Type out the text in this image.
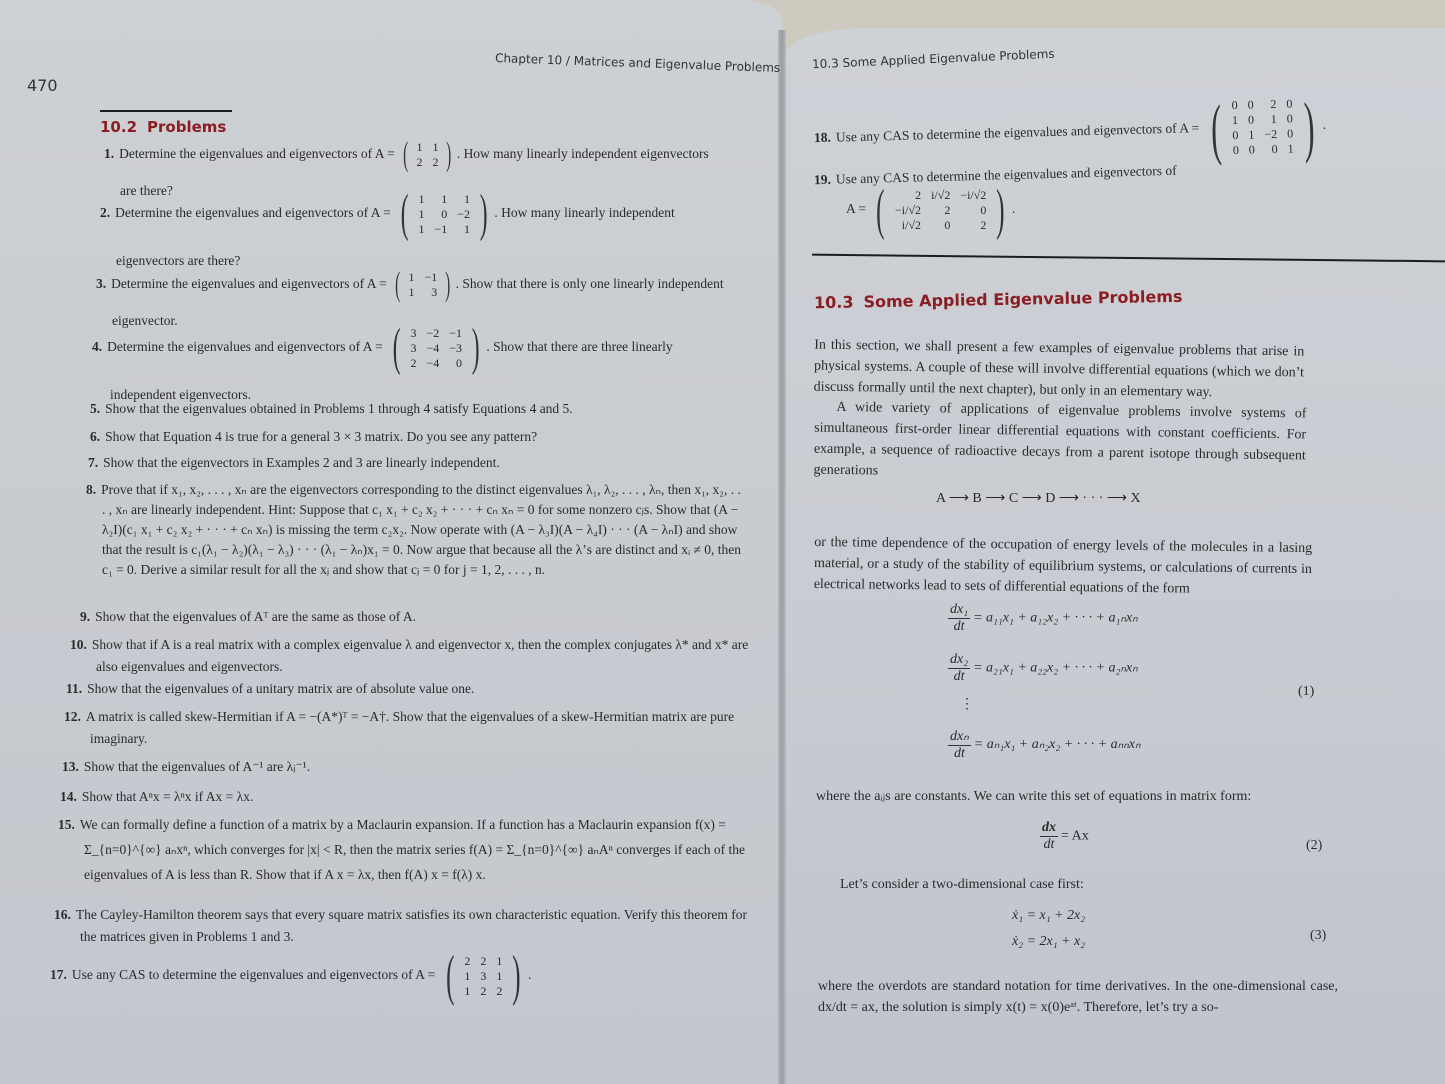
470
Chapter 10 / Matrices and Eigenvalue Problems
10.2 Problems
1. Determine the eigenvalues and eigenvectors of A = ( 1	1
2	2 ) . How many linearly independent eigenvectors
are there?
2. Determine the eigenvalues and eigenvectors of A = ( 1	1	1
1	0	−2
1	−1	1 ) . How many linearly independent
eigenvectors are there?
3. Determine the eigenvalues and eigenvectors of A = ( 1	−1
1	3 ) . Show that there is only one linearly independent
eigenvector.
4. Determine the eigenvalues and eigenvectors of A = ( 3	−2	−1
3	−4	−3
2	−4	0 ) . Show that there are three linearly
independent eigenvectors.
5. Show that the eigenvalues obtained in Problems 1 through 4 satisfy Equations 4 and 5.
6. Show that Equation 4 is true for a general 3 × 3 matrix. Do you see any pattern?
7. Show that the eigenvectors in Examples 2 and 3 are linearly independent.
8. Prove that if x₁, x₂, . . . , xₙ are the eigenvectors corresponding to the distinct eigenvalues λ₁, λ₂, . . . , λₙ, then x₁, x₂, . . . , xₙ are linearly independent. Hint: Suppose that c₁ x₁ + c₂ x₂ + · · · + cₙ xₙ = 0 for some nonzero cⱼs. Show that (A − λ₂I)(c₁ x₁ + c₂ x₂ + · · · + cₙ xₙ) is missing the term c₂x₂. Now operate with (A − λ₃I)(A − λ₄I) · · · (A − λₙI) and show that the result is c₁(λ₁ − λ₂)(λ₁ − λ₃) · · · (λ₁ − λₙ)x₁ = 0. Now argue that because all the λ’s are distinct and xᵢ ≠ 0, then c₁ = 0. Derive a similar result for all the xⱼ and show that cⱼ = 0 for j = 1, 2, . . . , n.
9. Show that the eigenvalues of Aᵀ are the same as those of A.
10. Show that if A is a real matrix with a complex eigenvalue λ and eigenvector x, then the complex conjugates λ* and x* are also eigenvalues and eigenvectors.
11. Show that the eigenvalues of a unitary matrix are of absolute value one.
12. A matrix is called skew-Hermitian if A = −(A*)ᵀ = −A†. Show that the eigenvalues of a skew-Hermitian matrix are pure imaginary.
13. Show that the eigenvalues of A⁻¹ are λⱼ⁻¹.
14. Show that Aⁿx = λⁿx if Ax = λx.
15. We can formally define a function of a matrix by a Maclaurin expansion. If a function has a Maclaurin expansion f(x) = Σ_{n=0}^{∞} aₙxⁿ, which converges for |x| < R, then the matrix series f(A) = Σ_{n=0}^{∞} aₙAⁿ converges if each of the eigenvalues of A is less than R. Show that if A x = λx, then f(A) x = f(λ) x.
16. The Cayley-Hamilton theorem says that every square matrix satisfies its own characteristic equation. Verify this theorem for the matrices given in Problems 1 and 3.
17. Use any CAS to determine the eigenvalues and eigenvectors of A = ( 2	2	1
1	3	1
1	2	2 ) .
10.3 Some Applied Eigenvalue Problems
18. Use any CAS to determine the eigenvalues and eigenvectors of A = ( 0	0	2	0
1	0	1	0
0	1	−2	0
0	0	0	1 ) .
19. Use any CAS to determine the eigenvalues and eigenvectors of
A = (	2	i/√2	−i/√2
−i/√2	2	0
i/√2	0	2 ) .
10.3 Some Applied Eigenvalue Problems
In this section, we shall present a few examples of eigenvalue problems that arise in physical systems. A couple of these will involve differential equations (which we don’t discuss formally until the next chapter), but only in an elementary way.
A wide variety of applications of eigenvalue problems involve systems of simultaneous first-order linear differential equations with constant coefficients. For example, a sequence of radioactive decays from a parent isotope through subsequent generations
A ⟶ B ⟶ C ⟶ D ⟶ · · · ⟶ X
or the time dependence of the occupation of energy levels of the molecules in a lasing material, or a study of the stability of equilibrium systems, or calculations of currents in electrical networks lead to sets of differential equations of the form
$\frac{\text{dx₁}}{dt} = a_{11}x_1 + a_{12}x_2$ + · · · + a₁ₙxₙ
$\frac{\text{dx₂}}{dt} = a_{21}x_1 + a_{22}x_2$ + · · · + a₂ₙxₙ
⋮
$\frac{\text{dxₙ}}{dt} = a_{n1}x_1 + a_{n2}x_2$ + · · · + aₙₙxₙ
(1)
where the aᵢⱼs are constants. We can write this set of equations in matrix form:
$\frac{dx}{dt} = Ax$
(2)
Let’s consider a two-dimensional case first:
ẋ₁ = x₁ + 2x₂
ẋ₂ = 2x₁ + x₂	(3)
where the overdots are standard notation for time derivatives. In the one-dimensional case, dx/dt = ax, the solution is simply x(t) = x(0)eᵃᵗ. Therefore, let’s try a so-
